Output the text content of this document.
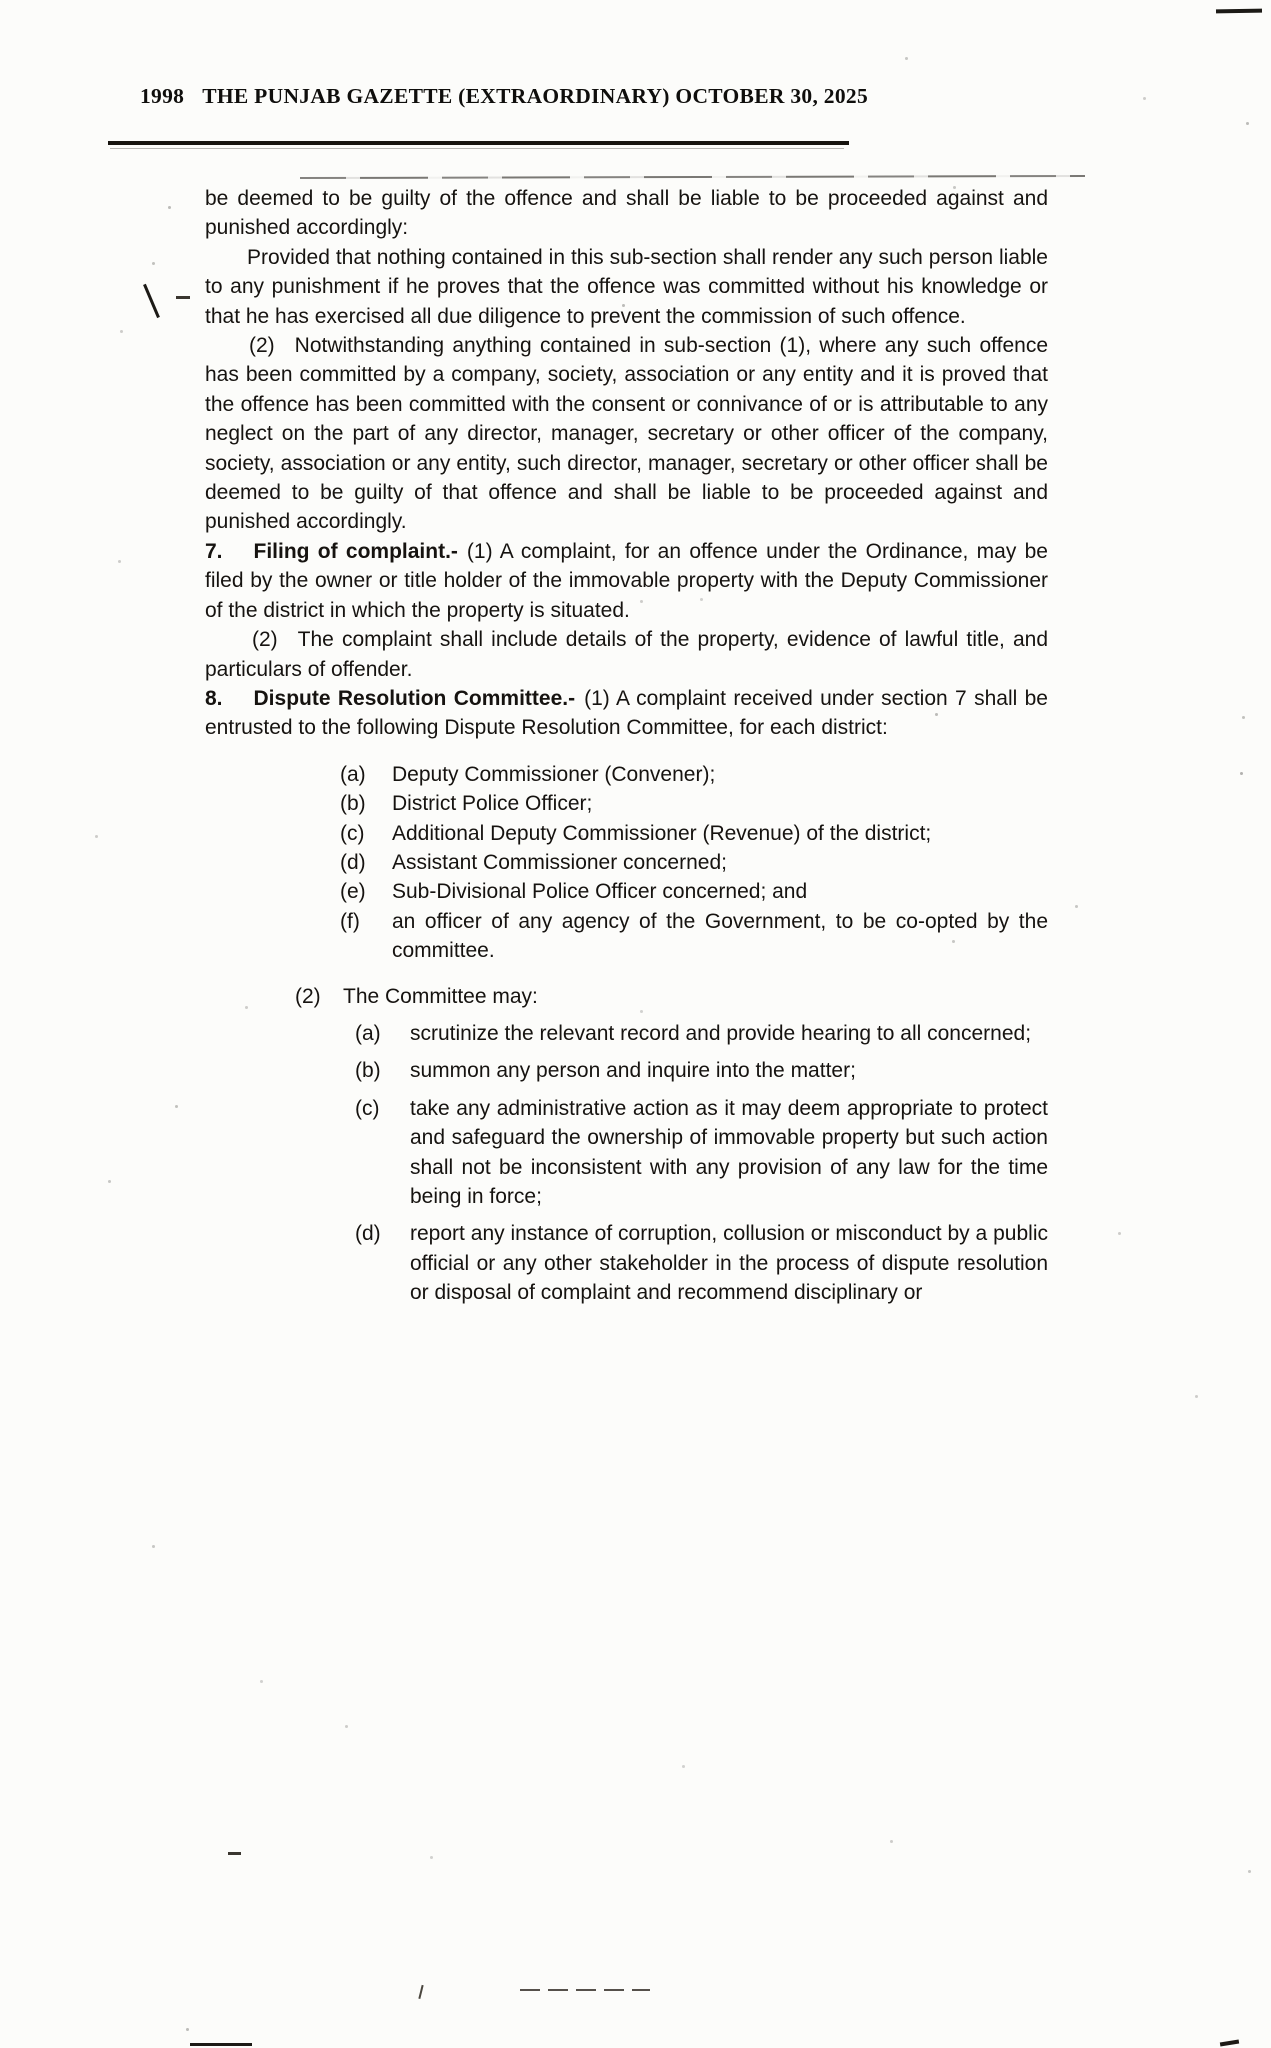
1998 THE PUNJAB GAZETTE (EXTRAORDINARY) OCTOBER 30, 2025

be deemed to be guilty of the offence and shall be liable to be proceeded against and punished accordingly:

Provided that nothing contained in this sub-section shall render any such person liable to any punishment if he proves that the offence was committed without his knowledge or that he has exercised all due diligence to prevent the commission of such offence.

(2) Notwithstanding anything contained in sub-section (1), where any such offence has been committed by a company, society, association or any entity and it is proved that the offence has been committed with the consent or connivance of or is attributable to any neglect on the part of any director, manager, secretary or other officer of the company, society, association or any entity, such director, manager, secretary or other officer shall be deemed to be guilty of that offence and shall be liable to be proceeded against and punished accordingly.

7. Filing of complaint.- (1) A complaint, for an offence under the Ordinance, may be filed by the owner or title holder of the immovable property with the Deputy Commissioner of the district in which the property is situated.

(2) The complaint shall include details of the property, evidence of lawful title, and particulars of offender.

8. Dispute Resolution Committee.- (1) A complaint received under section 7 shall be entrusted to the following Dispute Resolution Committee, for each district:

(a)	Deputy Commissioner (Convener);
(b)	District Police Officer;
(c)	Additional Deputy Commissioner (Revenue) of the district;
(d)	Assistant Commissioner concerned;
(e)	Sub-Divisional Police Officer concerned; and
(f)	an officer of any agency of the Government, to be co-opted by the committee.
(2)	The Committee may:
(a)	scrutinize the relevant record and provide hearing to all concerned;
(b)	summon any person and inquire into the matter;
(c)	take any administrative action as it may deem appropriate to protect and safeguard the ownership of immovable property but such action shall not be inconsistent with any provision of any law for the time being in force;
(d)	report any instance of corruption, collusion or misconduct by a public official or any other stakeholder in the process of dispute resolution or disposal of complaint and recommend disciplinary or
